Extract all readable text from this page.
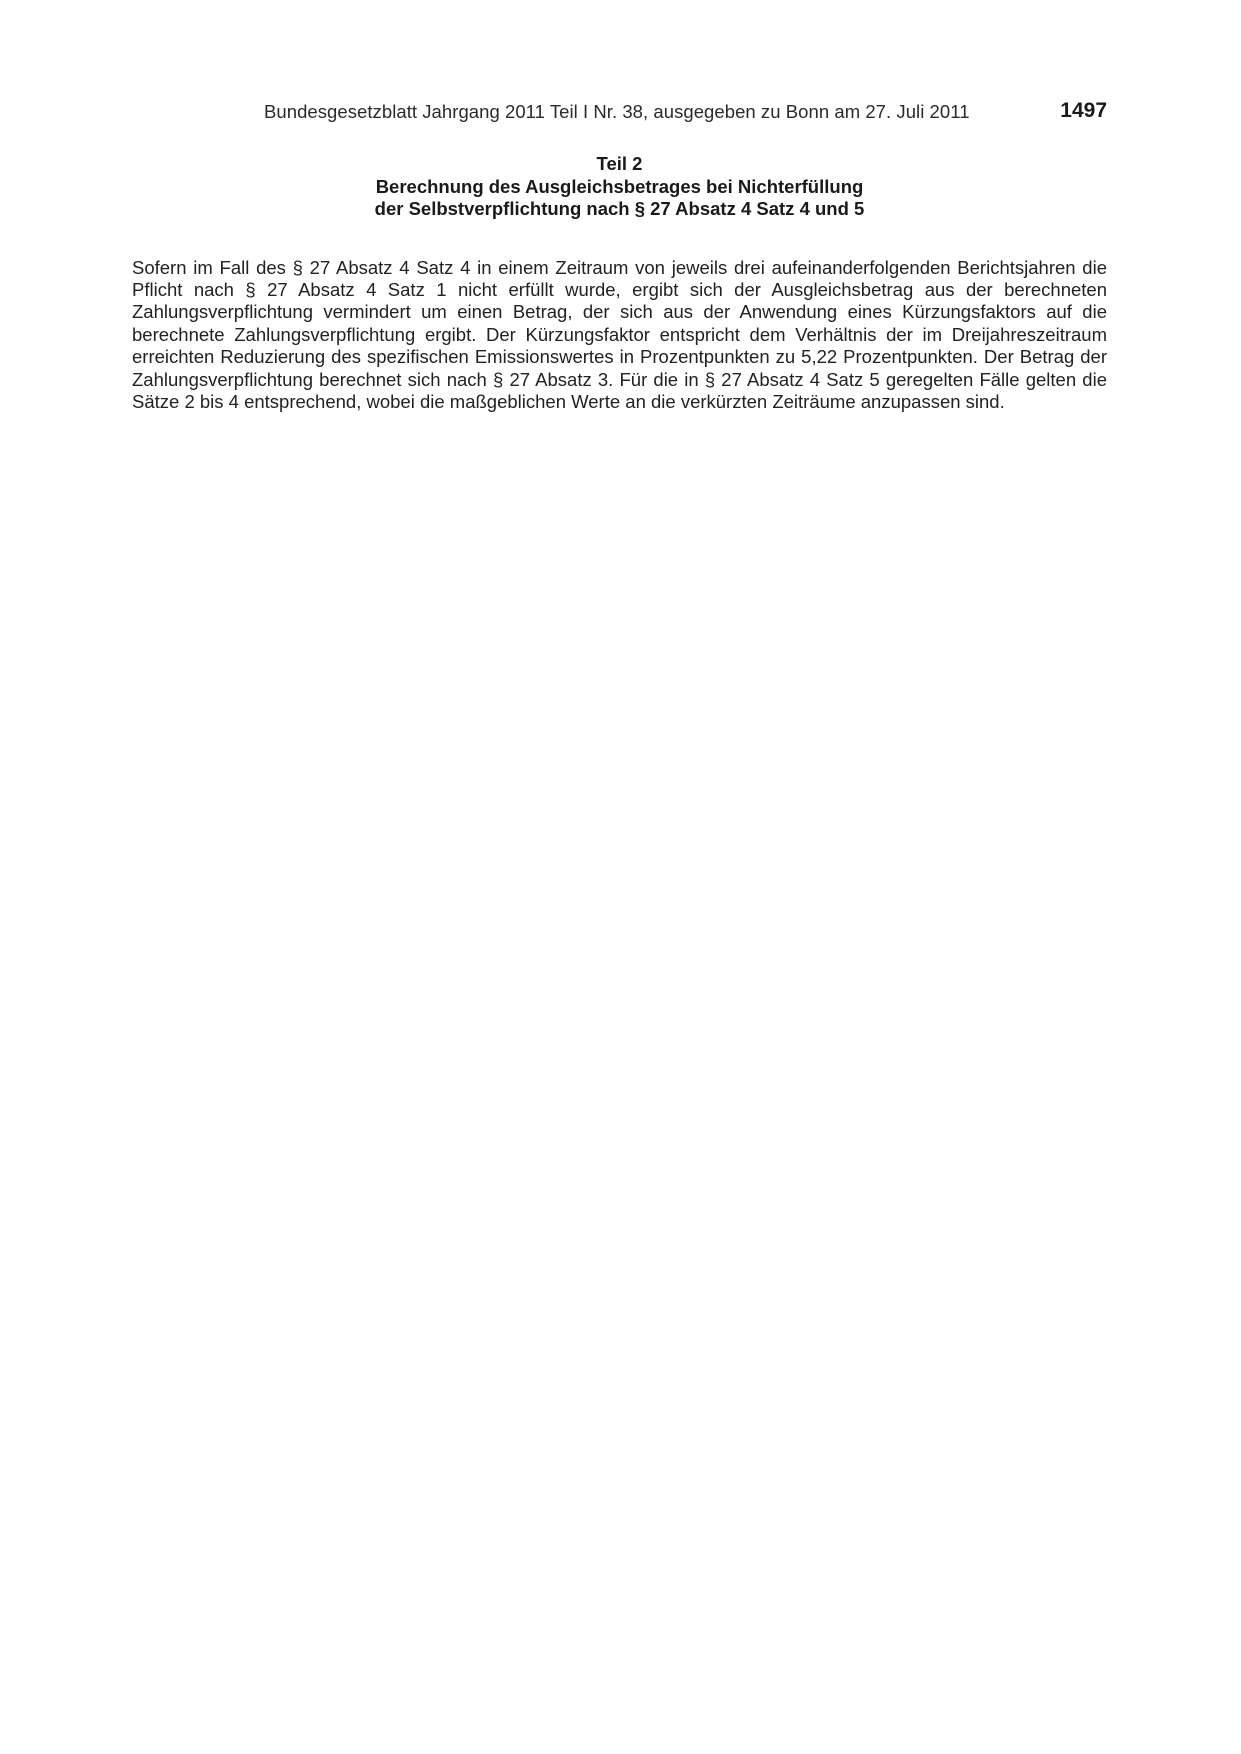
Bundesgesetzblatt Jahrgang 2011 Teil I Nr. 38, ausgegeben zu Bonn am 27. Juli 2011	1497
Teil 2
Berechnung des Ausgleichsbetrages bei Nichterfüllung
der Selbstverpflichtung nach § 27 Absatz 4 Satz 4 und 5

Sofern im Fall des § 27 Absatz 4 Satz 4 in einem Zeitraum von jeweils drei aufeinanderfolgenden Berichtsjahren die Pflicht nach § 27 Absatz 4 Satz 1 nicht erfüllt wurde, ergibt sich der Ausgleichsbetrag aus der berechneten Zahlungsverpflichtung vermindert um einen Betrag, der sich aus der Anwendung eines Kürzungsfaktors auf die berechnete Zahlungsverpflichtung ergibt. Der Kürzungsfaktor entspricht dem Verhältnis der im Dreijahreszeitraum erreichten Reduzierung des spezifischen Emissionswertes in Prozentpunkten zu 5,22 Prozentpunkten. Der Betrag der Zahlungsverpflichtung berechnet sich nach § 27 Absatz 3. Für die in § 27 Absatz 4 Satz 5 geregelten Fälle gelten die Sätze 2 bis 4 entsprechend, wobei die maßgeblichen Werte an die verkürzten Zeiträume anzupassen sind.
